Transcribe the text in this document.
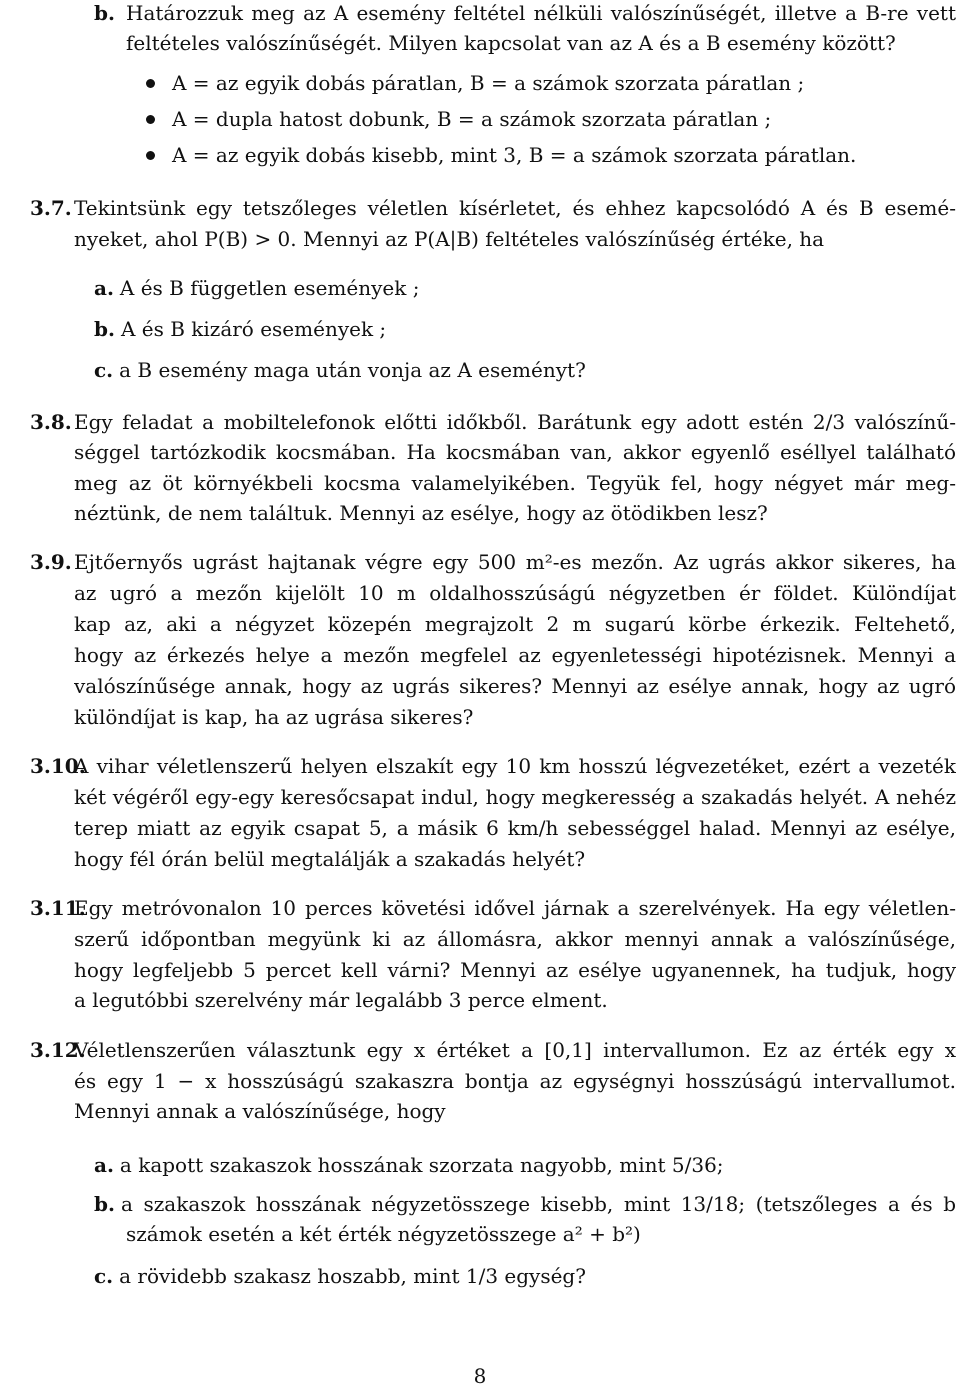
b. Határozzuk meg az A esemény feltétel nélküli valószínűségét, illetve a B-re vett
feltételes valószínűségét. Milyen kapcsolat van az A és a B esemény között?
A = az egyik dobás páratlan, B = a számok szorzata páratlan ;
A = dupla hatost dobunk, B = a számok szorzata páratlan ;
A = az egyik dobás kisebb, mint 3, B = a számok szorzata páratlan.
3.7. Tekintsünk egy tetszőleges véletlen kísérletet, és ehhez kapcsolódó A és B esemé-
nyeket, ahol P(B) > 0. Mennyi az P(A|B) feltételes valószínűség értéke, ha
a. A és B független események ;
b. A és B kizáró események ;
c. a B esemény maga után vonja az A eseményt?
3.8. Egy feladat a mobiltelefonok előtti időkből. Barátunk egy adott estén 2/3 valószínű-
séggel tartózkodik kocsmában. Ha kocsmában van, akkor egyenlő eséllyel található
meg az öt környékbeli kocsma valamelyikében. Tegyük fel, hogy négyet már meg-
néztünk, de nem találtuk. Mennyi az esélye, hogy az ötödikben lesz?
3.9. Ejtőernyős ugrást hajtanak végre egy 500 m²-es mezőn. Az ugrás akkor sikeres, ha
az ugró a mezőn kijelölt 10 m oldalhosszúságú négyzetben ér földet. Különdíjat
kap az, aki a négyzet közepén megrajzolt 2 m sugarú körbe érkezik. Feltehető,
hogy az érkezés helye a mezőn megfelel az egyenletességi hipotézisnek. Mennyi a
valószínűsége annak, hogy az ugrás sikeres? Mennyi az esélye annak, hogy az ugró
különdíjat is kap, ha az ugrása sikeres?
3.10.
A vihar véletlenszerű helyen elszakít egy 10 km hosszú légvezetéket, ezért a vezeték
két végéről egy-egy keresőcsapat indul, hogy megkeresség a szakadás helyét. A nehéz
terep miatt az egyik csapat 5, a másik 6 km/h sebességgel halad. Mennyi az esélye,
hogy fél órán belül megtalálják a szakadás helyét?
3.11.
Egy metróvonalon 10 perces követési idővel járnak a szerelvények. Ha egy véletlen-
szerű időpontban megyünk ki az állomásra, akkor mennyi annak a valószínűsége,
hogy legfeljebb 5 percet kell várni? Mennyi az esélye ugyanennek, ha tudjuk, hogy
a legutóbbi szerelvény már legalább 3 perce elment.
3.12.
Véletlenszerűen választunk egy x értéket a [0,1] intervallumon. Ez az érték egy x
és egy 1 − x hosszúságú szakaszra bontja az egységnyi hosszúságú intervallumot.
Mennyi annak a valószínűsége, hogy
a. a kapott szakaszok hosszának szorzata nagyobb, mint 5/36;
b. a szakaszok hosszának négyzetösszege kisebb, mint 13/18; (tetszőleges a és b
számok esetén a két érték négyzetösszege a² + b²)
c. a rövidebb szakasz hoszabb, mint 1/3 egység?
8
